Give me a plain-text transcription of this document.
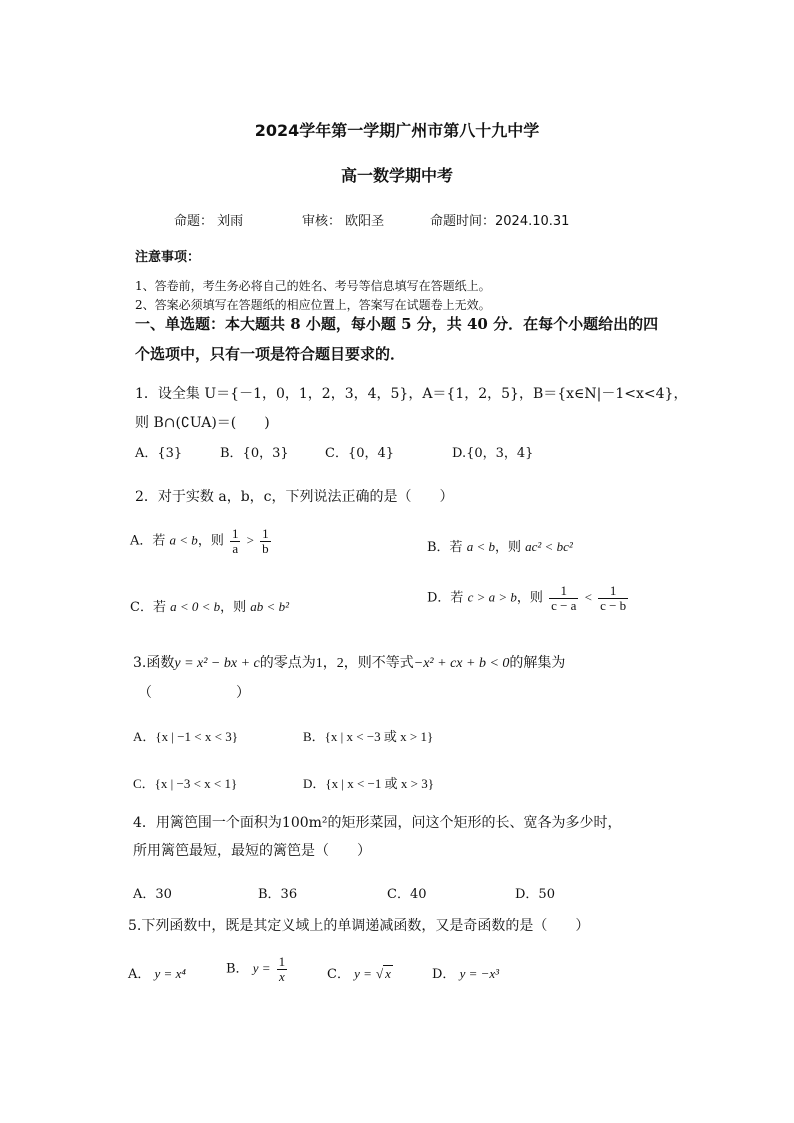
2024学年第一学期广州市第八十九中学
高一数学期中考
命题： 刘雨	审核： 欧阳圣	命题时间：2024.10.31
注意事项：
1、答卷前，考生务必将自己的姓名、考号等信息填写在答题纸上。
2、答案必须填写在答题纸的相应位置上，答案写在试题卷上无效。
一、单选题：本大题共 8 小题，每小题 5 分，共 40 分．在每个小题给出的四
个选项中，只有一项是符合题目要求的．
1．设全集 U＝{－1，0，1，2，3，4，5}，A＝{1，2，5}，B＝{x∈N|－1<x<4}，
则 B∩(∁UA)＝(　　)
A．{3}	B．{0，3}	C．{0，4}	D.{0，3，4}
2．对于实数 a，b，c，下列说法正确的是（　　）
A．若 a < b，则 $\frac{1}{a} > \frac{1}{b}$	B．若 a < b，则 ac² < bc²
C．若 a < 0 < b，则 ab < b²
D．若 c > a > b，则 $\frac{1}{c - a} < \frac{1}{c - b}$
3.函数y = x² − bx + c的零点为1，2，则不等式−x² + cx + b < 0的解集为
（　　　　　　）
A．{x | −1 < x < 3}	B．{x | x < −3 或 x > 1}
C．{x | −3 < x < 1}	D．{x | x < −1 或 x > 3}
4．用篱笆围一个面积为100m²的矩形菜园，问这个矩形的长、宽各为多少时，
所用篱笆最短，最短的篱笆是（　　）
A．30	B．36	C．40	D．50
5.下列函数中，既是其定义域上的单调递减函数，又是奇函数的是（　　）
A． y = x⁴	B． $y = \frac{1}{x}$	C． y = √ x	D． y = −x³
